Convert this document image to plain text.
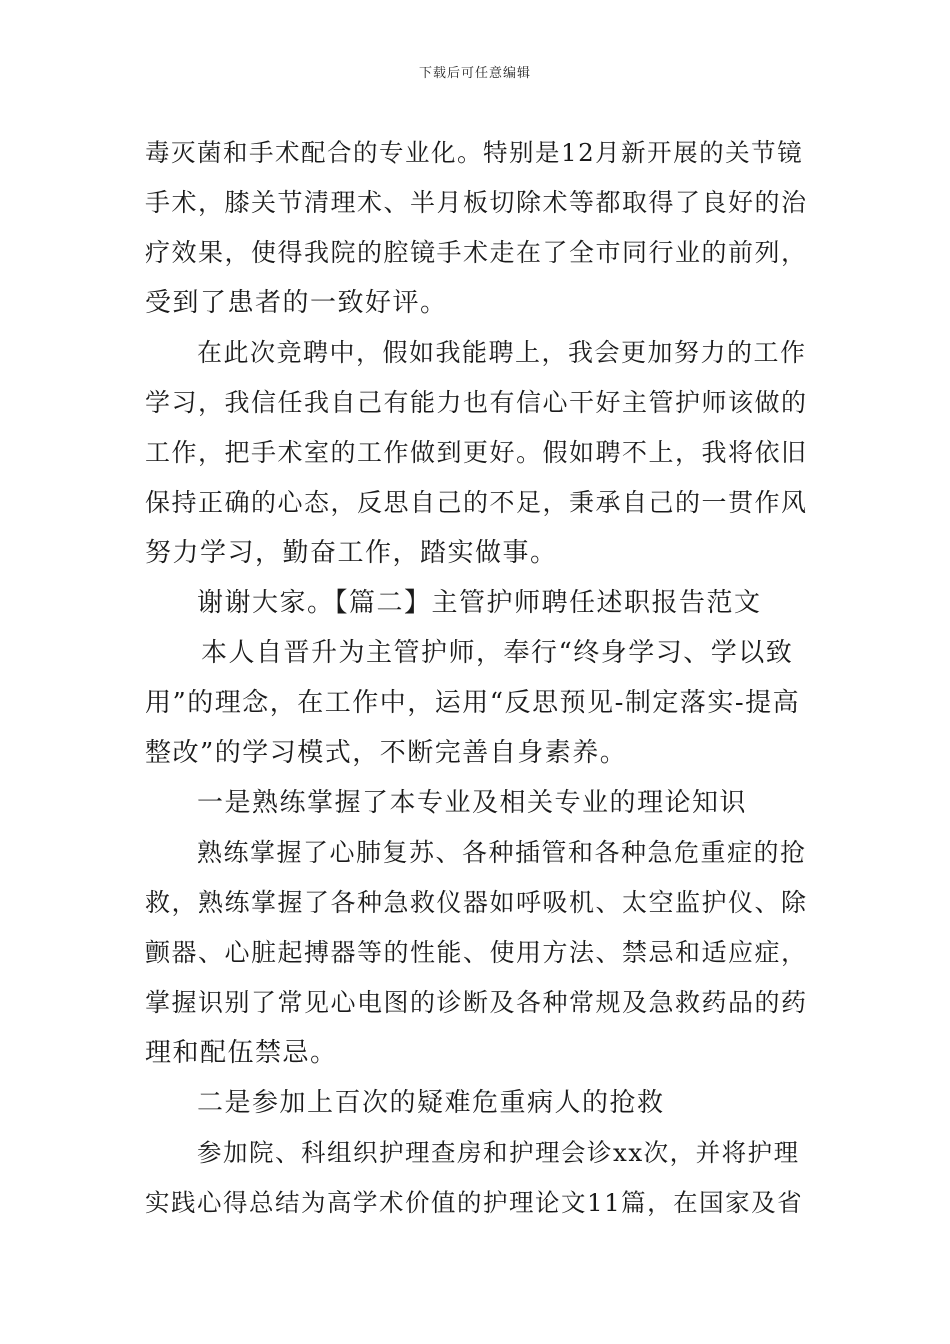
下载后可任意编辑
毒灭菌和手术配合的专业化。特别是12月新开展的关节镜
手术，膝关节清理术、半月板切除术等都取得了良好的治
疗效果，使得我院的腔镜手术走在了全市同行业的前列，
受到了患者的一致好评。
在此次竞聘中，假如我能聘上，我会更加努力的工作
学习，我信任我自己有能力也有信心干好主管护师该做的
工作，把手术室的工作做到更好。假如聘不上，我将依旧
保持正确的心态，反思自己的不足，秉承自己的一贯作风
努力学习，勤奋工作，踏实做事。
谢谢大家。【篇二】主管护师聘任述职报告范文
本人自晋升为主管护师，奉行“终身学习、学以致
用”的理念，在工作中，运用“反思预见-制定落实-提高
整改”的学习模式，不断完善自身素养。
一是熟练掌握了本专业及相关专业的理论知识
熟练掌握了心肺复苏、各种插管和各种急危重症的抢
救，熟练掌握了各种急救仪器如呼吸机、太空监护仪、除
颤器、心脏起搏器等的性能、使用方法、禁忌和适应症，
掌握识别了常见心电图的诊断及各种常规及急救药品的药
理和配伍禁忌。
二是参加上百次的疑难危重病人的抢救
参加院、科组织护理查房和护理会诊xx次，并将护理
实践心得总结为高学术价值的护理论文11篇，在国家及省
